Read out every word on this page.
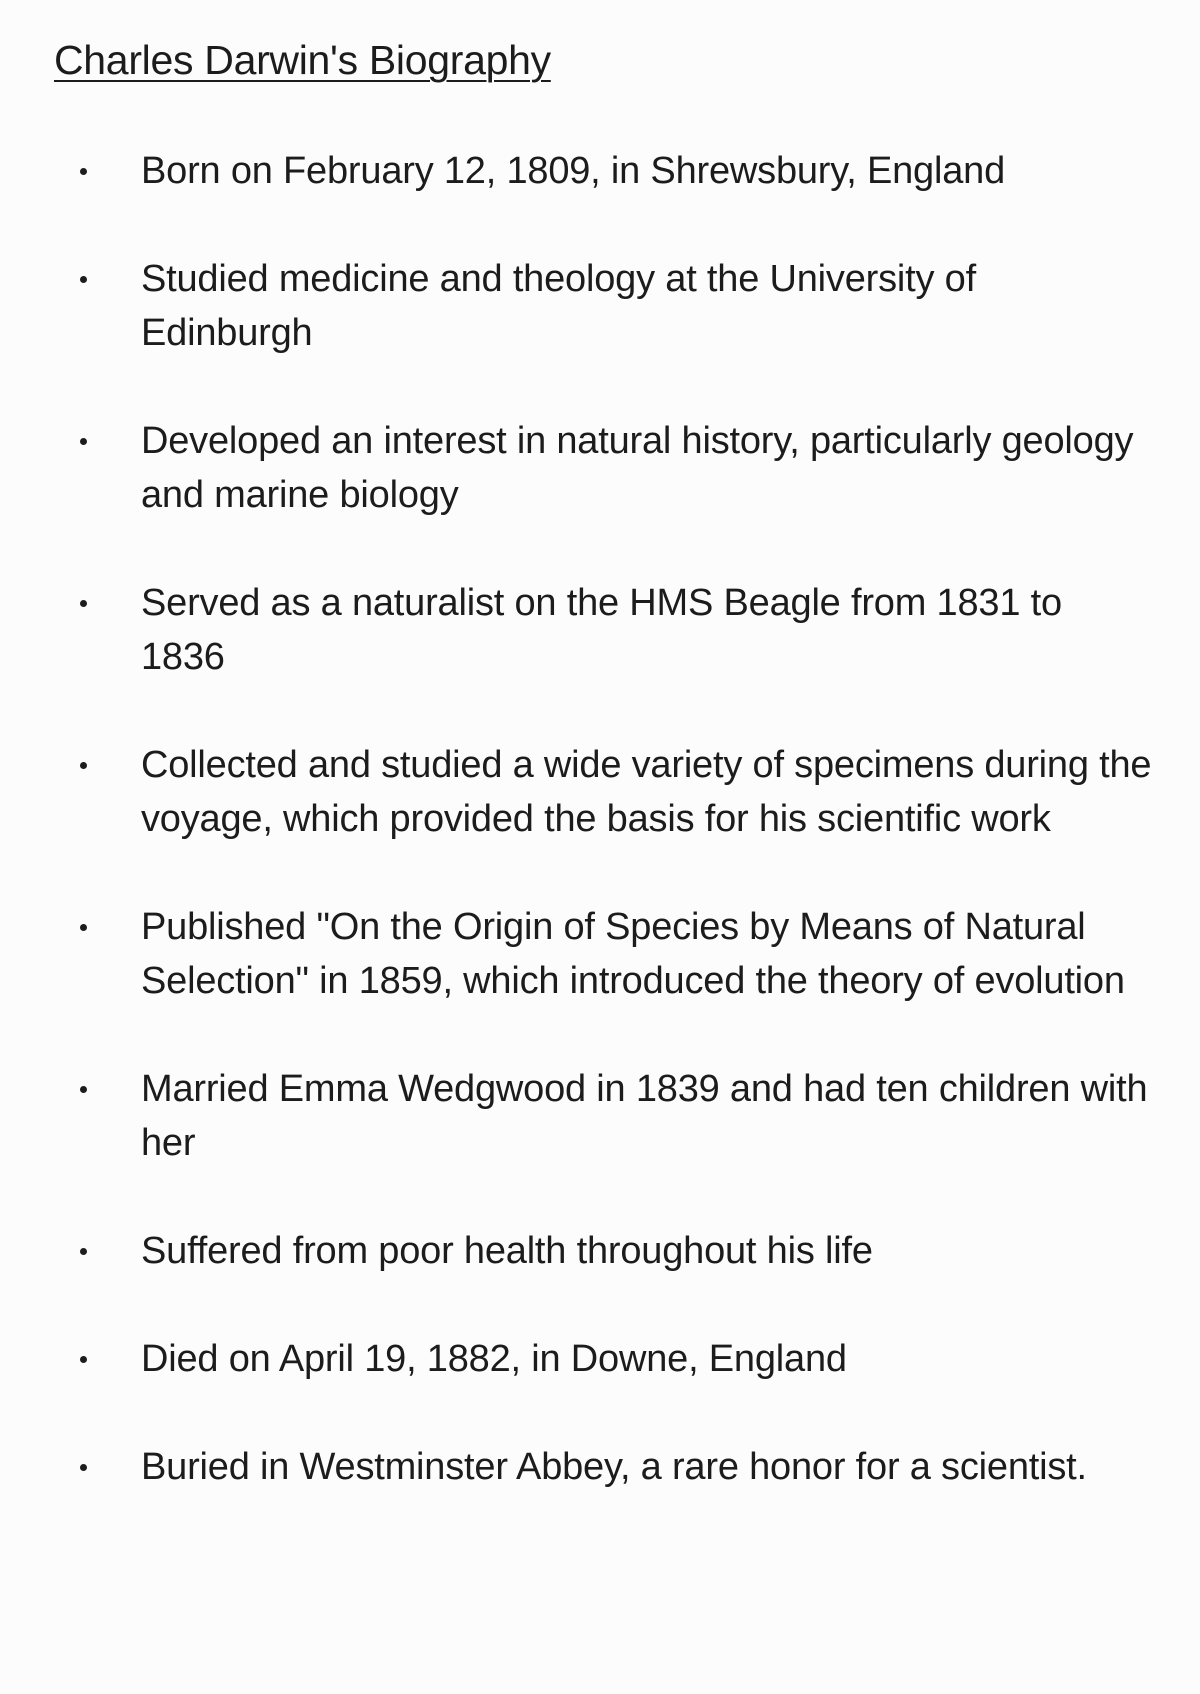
Charles Darwin's Biography
Born on February 12, 1809, in Shrewsbury, England
Studied medicine and theology at the University of Edinburgh
Developed an interest in natural history, particularly geology and marine biology
Served as a naturalist on the HMS Beagle from 1831 to 1836
Collected and studied a wide variety of specimens during the voyage, which provided the basis for his scientific work
Published "On the Origin of Species by Means of Natural Selection" in 1859, which introduced the theory of evolution
Married Emma Wedgwood in 1839 and had ten children with her
Suffered from poor health throughout his life
Died on April 19, 1882, in Downe, England
Buried in Westminster Abbey, a rare honor for a scientist.
